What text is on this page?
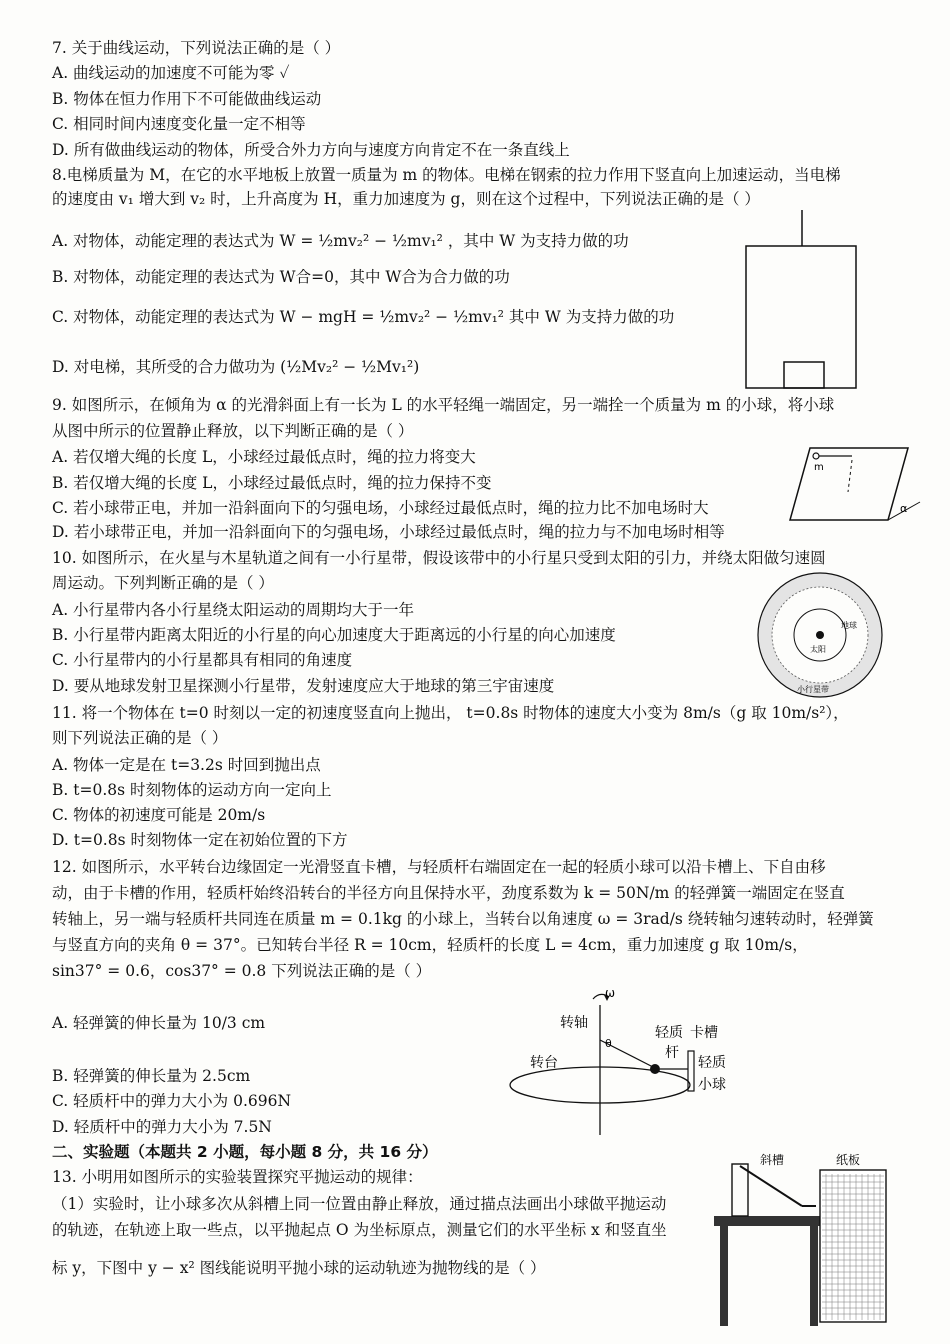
7. 关于曲线运动，下列说法正确的是（ ）
A. 曲线运动的加速度不可能为零 ✓
B. 物体在恒力作用下不可能做曲线运动
C. 相同时间内速度变化量一定不相等
D. 所有做曲线运动的物体，所受合外力方向与速度方向肯定不在一条直线上
8.电梯质量为 M，在它的水平地板上放置一质量为 m 的物体。电梯在钢索的拉力作用下竖直向上加速运动，当电梯
的速度由 v₁ 增大到 v₂ 时，上升高度为 H，重力加速度为 g，则在这个过程中，下列说法正确的是（ ）
A. 对物体，动能定理的表达式为 W = ½mv₂² − ½mv₁² ，其中 W 为支持力做的功
B. 对物体，动能定理的表达式为 W合=0，其中 W合为合力做的功
C. 对物体，动能定理的表达式为 W − mgH = ½mv₂² − ½mv₁² 其中 W 为支持力做的功
D. 对电梯，其所受的合力做功为 (½Mv₂² − ½Mv₁²)
9. 如图所示，在倾角为 α 的光滑斜面上有一长为 L 的水平轻绳一端固定，另一端拴一个质量为 m 的小球，将小球
从图中所示的位置静止释放，以下判断正确的是（ ）
A. 若仅增大绳的长度 L，小球经过最低点时，绳的拉力将变大
B. 若仅增大绳的长度 L，小球经过最低点时，绳的拉力保持不变
C. 若小球带正电，并加一沿斜面向下的匀强电场，小球经过最低点时，绳的拉力比不加电场时大
D. 若小球带正电，并加一沿斜面向下的匀强电场，小球经过最低点时，绳的拉力与不加电场时相等
m
α
10. 如图所示，在火星与木星轨道之间有一小行星带，假设该带中的小行星只受到太阳的引力，并绕太阳做匀速圆
周运动。下列判断正确的是（ ）
A. 小行星带内各小行星绕太阳运动的周期均大于一年
B. 小行星带内距离太阳近的小行星的向心加速度大于距离远的小行星的向心加速度
C. 小行星带内的小行星都具有相同的角速度
D. 要从地球发射卫星探测小行星带，发射速度应大于地球的第三宇宙速度
太阳
地球
小行星带
11. 将一个物体在 t=0 时刻以一定的初速度竖直向上抛出， t=0.8s 时物体的速度大小变为 8m/s（g 取 10m/s²），
则下列说法正确的是（ ）
A. 物体一定是在 t=3.2s 时回到抛出点
B. t=0.8s 时刻物体的运动方向一定向上
C. 物体的初速度可能是 20m/s
D. t=0.8s 时刻物体一定在初始位置的下方
12. 如图所示，水平转台边缘固定一光滑竖直卡槽，与轻质杆右端固定在一起的轻质小球可以沿卡槽上、下自由移
动，由于卡槽的作用，轻质杆始终沿转台的半径方向且保持水平，劲度系数为 k = 50N/m 的轻弹簧一端固定在竖直
转轴上，另一端与轻质杆共同连在质量 m = 0.1kg 的小球上，当转台以角速度 ω = 3rad/s 绕转轴匀速转动时，轻弹簧
与竖直方向的夹角 θ = 37°。已知转台半径 R = 10cm，轻质杆的长度 L = 4cm，重力加速度 g 取 10m/s，
sin37° = 0.6，cos37° = 0.8 下列说法正确的是（ ）
A. 轻弹簧的伸长量为 10/3 cm
B. 轻弹簧的伸长量为 2.5cm
C. 轻质杆中的弹力大小为 0.696N
D. 轻质杆中的弹力大小为 7.5N
ω
转轴
θ
转台
轻质
杆
卡槽
轻质
小球
二、实验题（本题共 2 小题，每小题 8 分，共 16 分）
13. 小明用如图所示的实验装置探究平抛运动的规律：
（1）实验时，让小球多次从斜槽上同一位置由静止释放，通过描点法画出小球做平抛运动
的轨迹，在轨迹上取一些点，以平抛起点 O 为坐标原点，测量它们的水平坐标 x 和竖直坐
标 y，下图中 y − x² 图线能说明平抛小球的运动轨迹为抛物线的是（ ）
斜槽	纸板
